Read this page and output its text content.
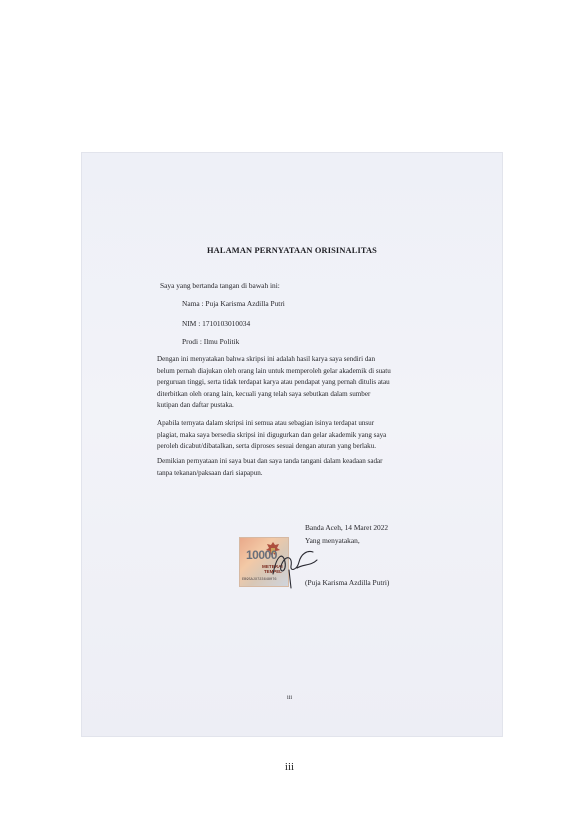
HALAMAN PERNYATAAN ORISINALITAS
Saya yang bertanda tangan di bawah ini:
Nama : Puja Karisma Azdilla Putri
NIM : 1710103010034
Prodi : Ilmu Politik
Dengan ini menyatakan bahwa skripsi ini adalah hasil karya saya sendiri dan
belum pernah diajukan oleh orang lain untuk memperoleh gelar akademik di suatu
perguruan tinggi, serta tidak terdapat karya atau pendapat yang pernah ditulis atau
diterbitkan oleh orang lain, kecuali yang telah saya sebutkan dalam sumber
kutipan dan daftar pustaka.
Apabila ternyata dalam skripsi ini semua atau sebagian isinya terdapat unsur
plagiat, maka saya bersedia skripsi ini digugurkan dan gelar akademik yang saya
peroleh dicabut/dibatalkan, serta diproses sesuai dengan aturan yang berlaku.
Demikian pernyataan ini saya buat dan saya tanda tangani dalam keadaan sadar
tanpa tekanan/paksaan dari siapapun.
Banda Aceh, 14 Maret 2022
Yang menyatakan,
10000
METERAI
TEMPEL
EB95AJX723648076	(Puja Karisma Azdilla Putri)
iii
iii
